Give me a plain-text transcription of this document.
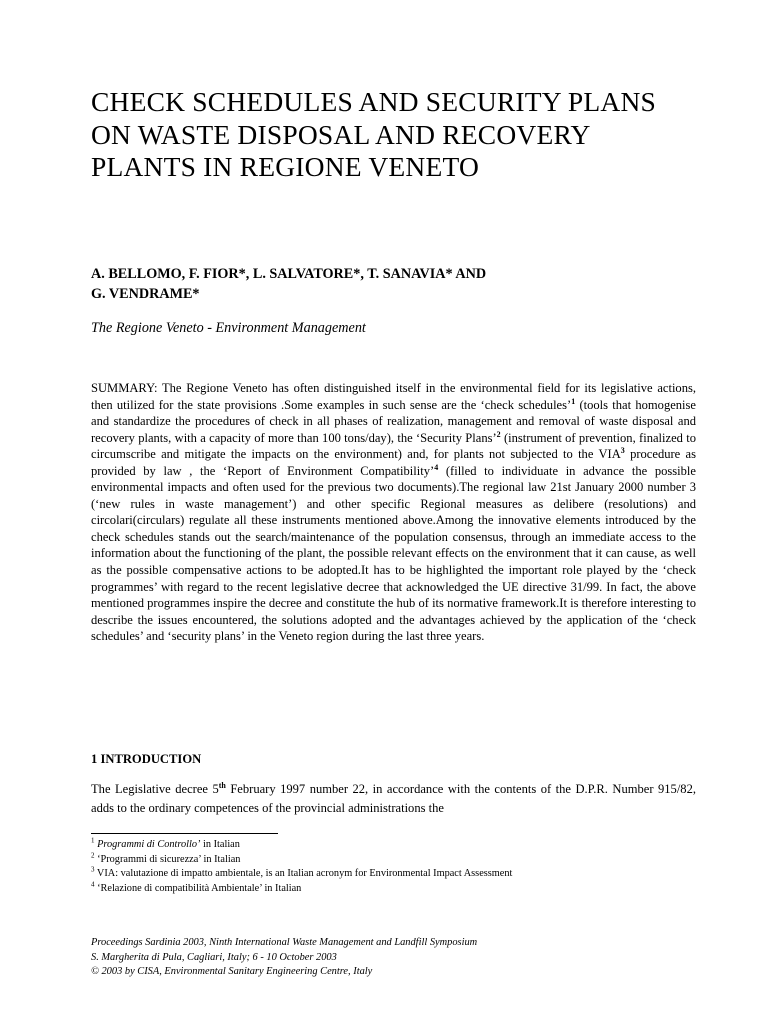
CHECK SCHEDULES AND SECURITY PLANS ON WASTE DISPOSAL AND RECOVERY PLANTS IN REGIONE VENETO
A. BELLOMO, F. FIOR*, L. SALVATORE*, T. SANAVIA* AND
G. VENDRAME*
The Regione Veneto - Environment Management

SUMMARY: The Regione Veneto has often distinguished itself in the environmental field for its legislative actions, then utilized for the state provisions .Some examples in such sense are the ‘check schedules’$^1$ (tools that homogenise and standardize the procedures of check in all phases of realization, management and removal of waste disposal and recovery plants, with a capacity of more than 100 tons/day), the ‘Security Plans’$^2$ (instrument of prevention, finalized to circumscribe and mitigate the impacts on the environment) and, for plants not subjected to the VIA$^3$ procedure as provided by law , the ‘Report of Environment Compatibility’$^4$ (filled to individuate in advance the possible environmental impacts and often used for the previous two documents).The regional law 21st January 2000 number 3 (‘new rules in waste management’) and other specific Regional measures as delibere (resolutions) and circolari(circulars) regulate all these instruments mentioned above.Among the innovative elements introduced by the check schedules stands out the search/maintenance of the population consensus, through an immediate access to the information about the functioning of the plant, the possible relevant effects on the environment that it can cause, as well as the possible compensative actions to be adopted.It has to be highlighted the important role played by the ‘check programmes’ with regard to the recent legislative decree that acknowledged the UE directive 31/99. In fact, the above mentioned programmes inspire the decree and constitute the hub of its normative framework.It is therefore interesting to describe the issues encountered, the solutions adopted and the advantages achieved by the application of the ‘check schedules’ and ‘security plans’ in the Veneto region during the last three years.

1 INTRODUCTION

The Legislative decree 5th February 1997 number 22, in accordance with the contents of the D.P.R. Number 915/82, adds to the ordinary competences of the provincial administrations the

$^1$ Programmi di Controllo’ in Italian
$^2$ ‘Programmi di sicurezza’ in Italian
$^3$ VIA: valutazione di impatto ambientale, is an Italian acronym for Environmental Impact Assessment
$^4$ ‘Relazione di compatibilità Ambientale’ in Italian
Proceedings Sardinia 2003, Ninth International Waste Management and Landfill Symposium
S. Margherita di Pula, Cagliari, Italy; 6 - 10 October 2003
© 2003 by CISA, Environmental Sanitary Engineering Centre, Italy
